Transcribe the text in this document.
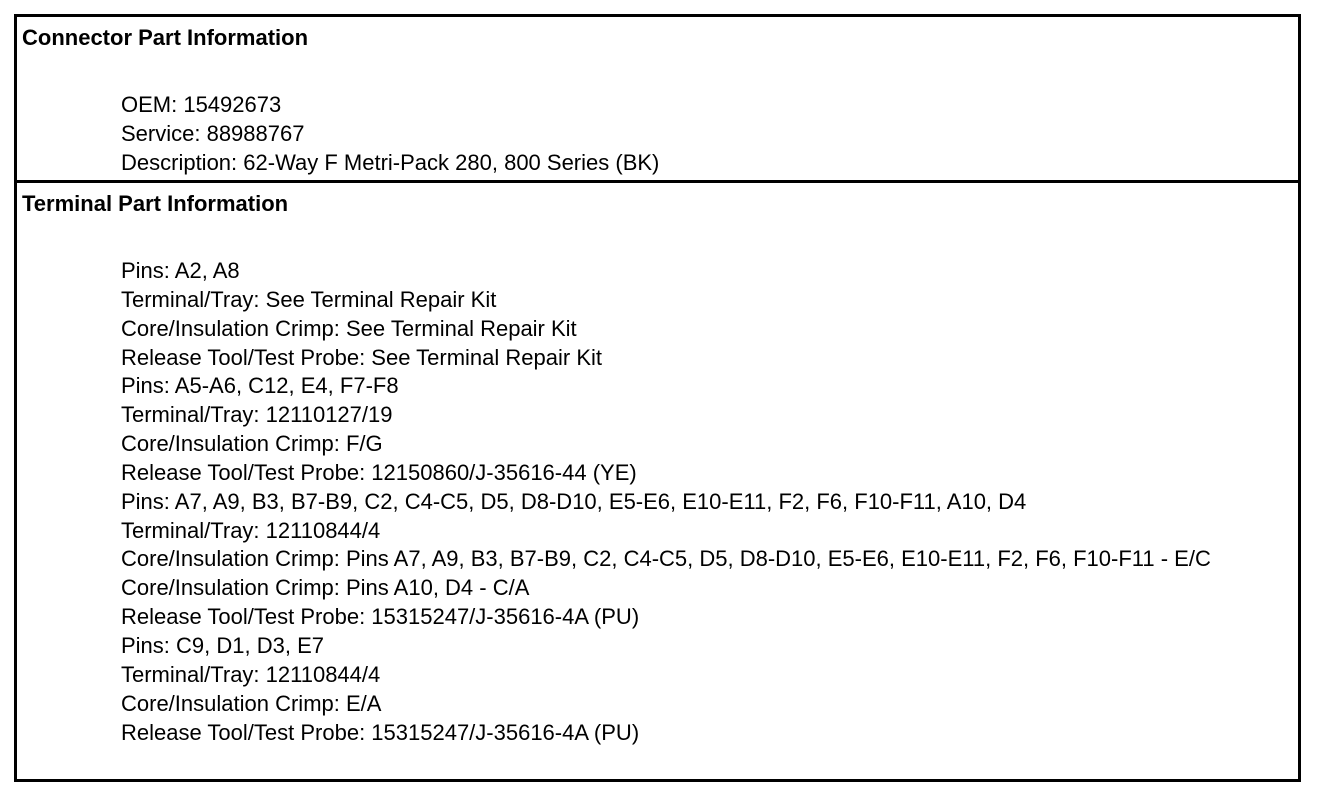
Connector Part Information
OEM: 15492673
Service: 88988767
Description: 62-Way F Metri-Pack 280, 800 Series (BK)
Terminal Part Information
Pins: A2, A8
Terminal/Tray: See Terminal Repair Kit
Core/Insulation Crimp: See Terminal Repair Kit
Release Tool/Test Probe: See Terminal Repair Kit
Pins: A5-A6, C12, E4, F7-F8
Terminal/Tray: 12110127/19
Core/Insulation Crimp: F/G
Release Tool/Test Probe: 12150860/J-35616-44 (YE)
Pins: A7, A9, B3, B7-B9, C2, C4-C5, D5, D8-D10, E5-E6, E10-E11, F2, F6, F10-F11, A10, D4
Terminal/Tray: 12110844/4
Core/Insulation Crimp: Pins A7, A9, B3, B7-B9, C2, C4-C5, D5, D8-D10, E5-E6, E10-E11, F2, F6, F10-F11 - E/C
Core/Insulation Crimp: Pins A10, D4 - C/A
Release Tool/Test Probe: 15315247/J-35616-4A (PU)
Pins: C9, D1, D3, E7
Terminal/Tray: 12110844/4
Core/Insulation Crimp: E/A
Release Tool/Test Probe: 15315247/J-35616-4A (PU)
